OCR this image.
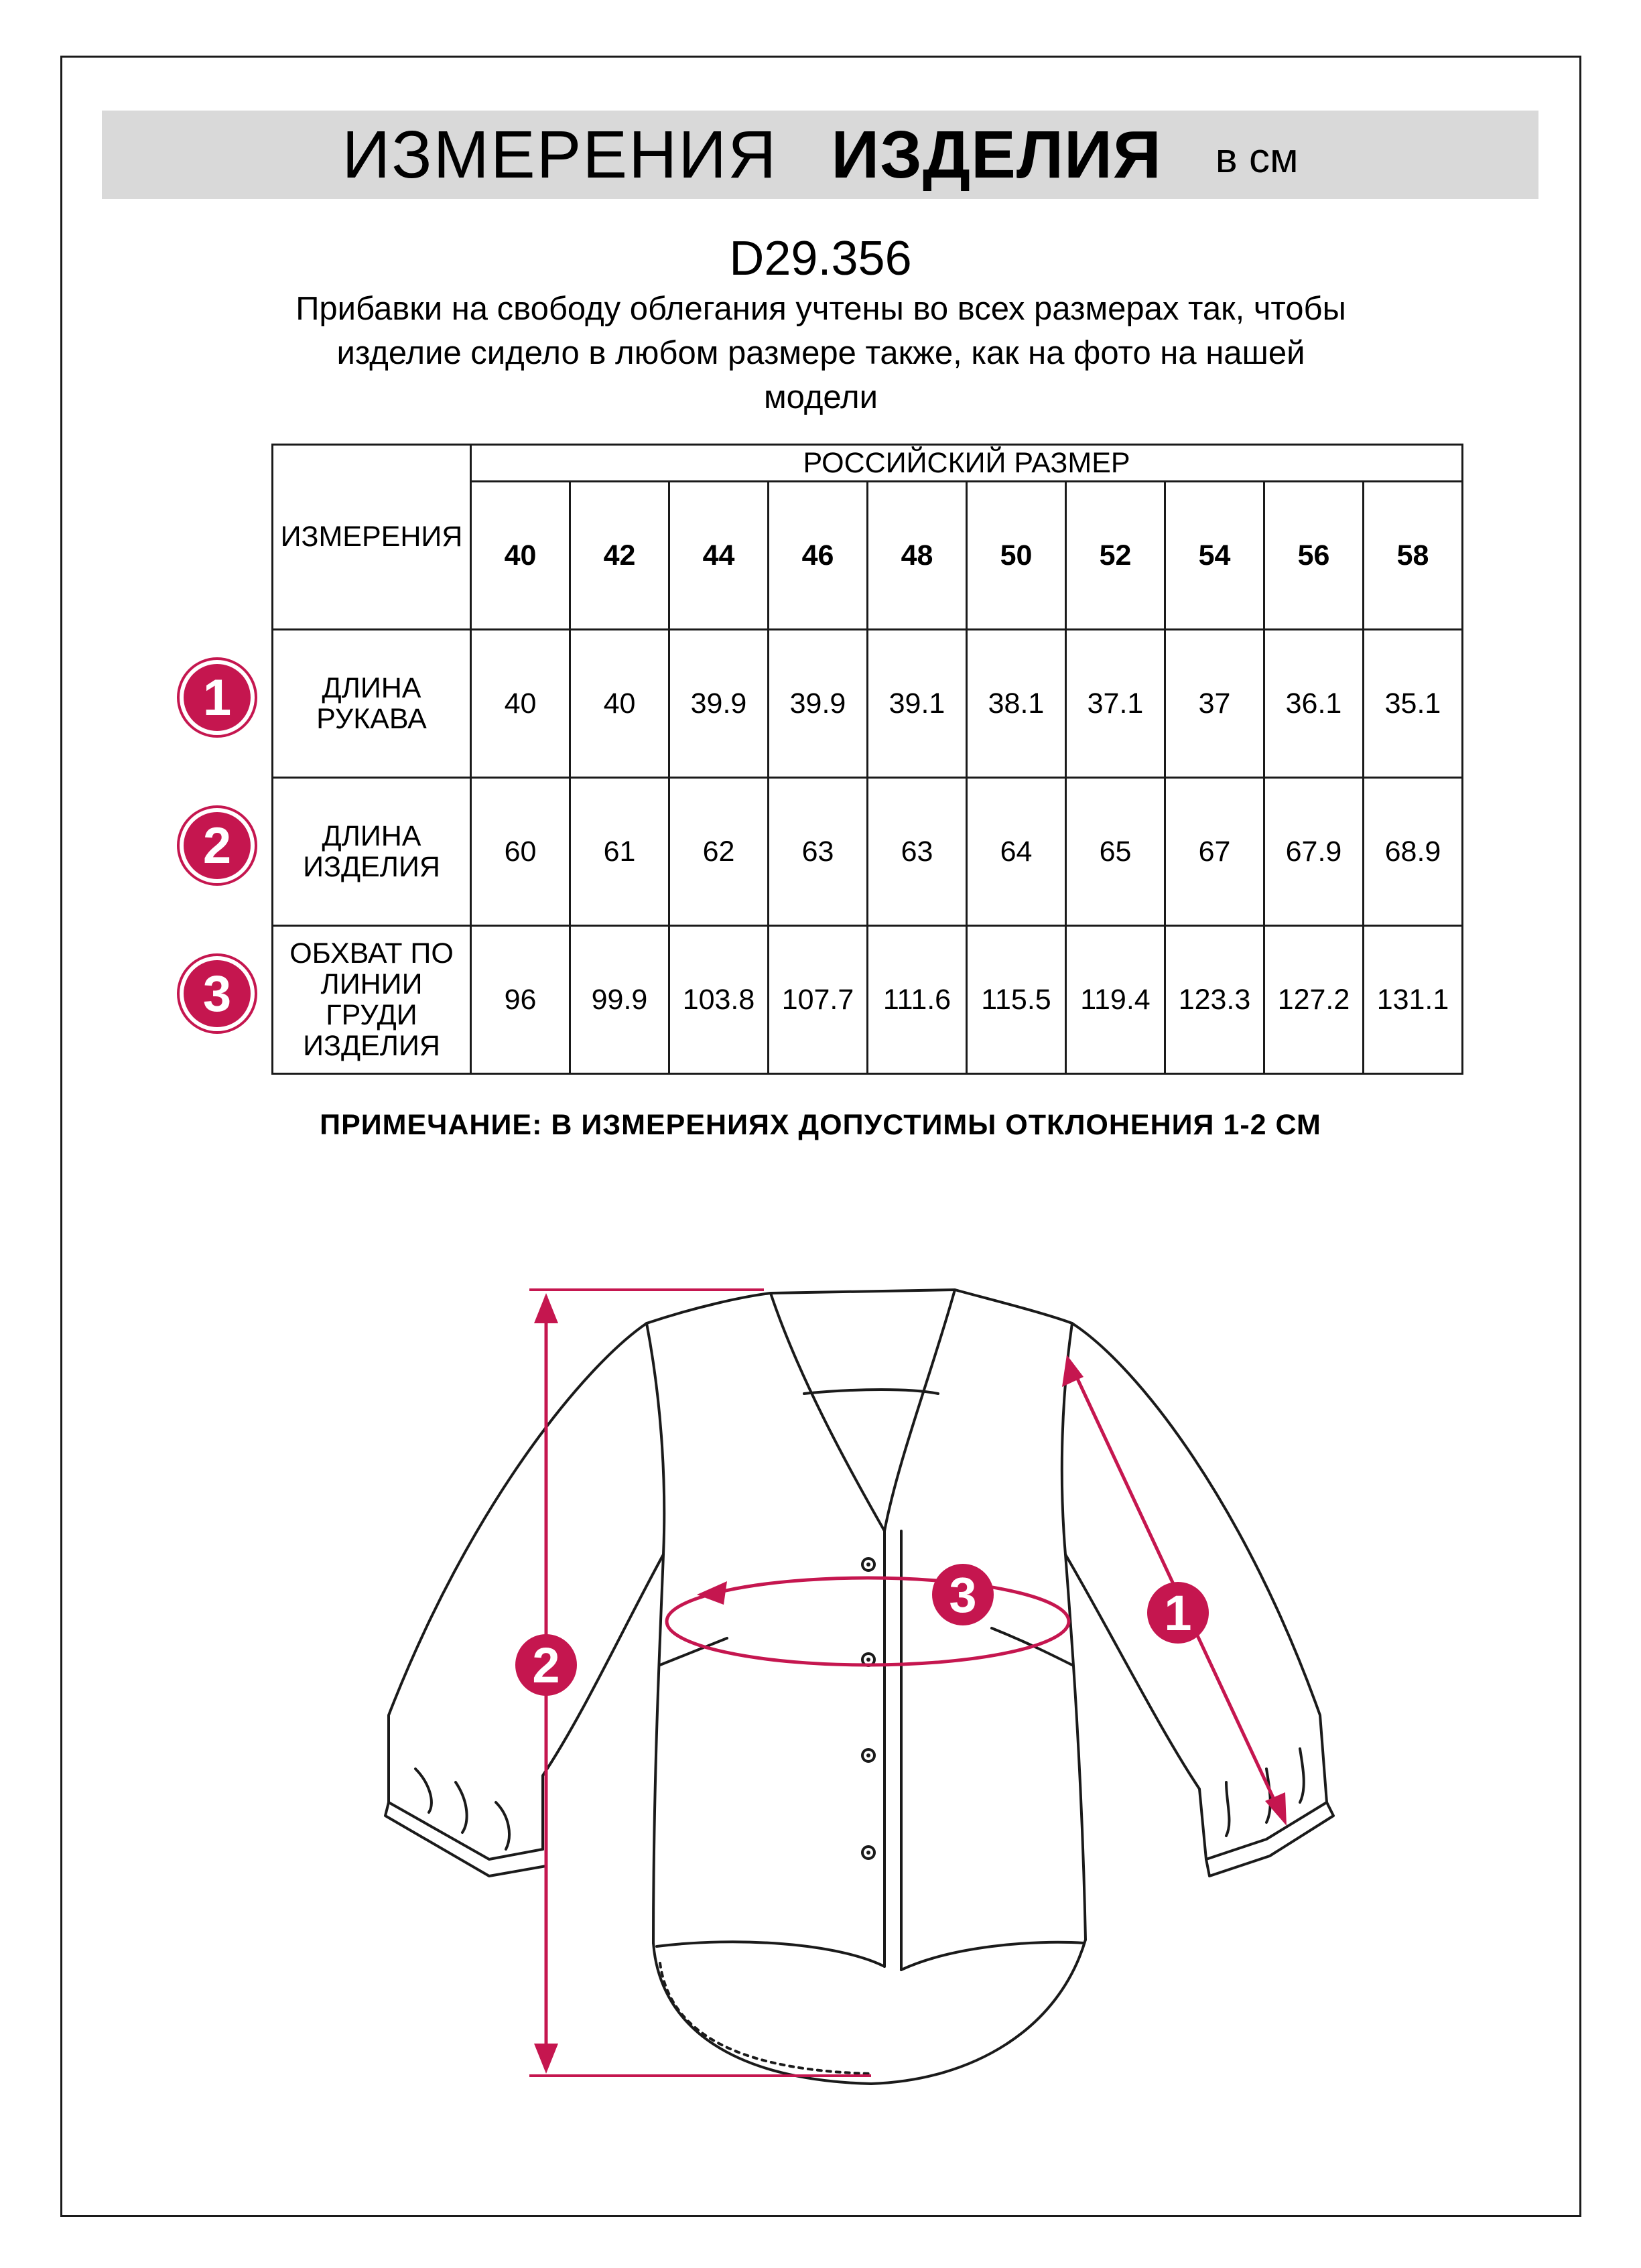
ИЗМЕРЕНИЯ ИЗДЕЛИЯ в см
D29.356
Прибавки на свободу облегания учтены во всех размерах так, чтобы
изделие сидело в любом размере также, как на фото на нашей
модели
ИЗМЕРЕНИЯ	РОССИЙСКИЙ РАЗМЕР									
	40	42	44	46	48	50	52	54	56	58

ДЛИНА
РУКАВА	40	40	39.9	39.9	39.1	38.1	37.1	37	36.1	35.1

ДЛИНА
ИЗДЕЛИЯ	60	61	62	63	63	64	65	67	67.9	68.9

ОБХВАТ ПО
ЛИНИИ
ГРУДИ
ИЗДЕЛИЯ	96	99.9	103.8	107.7	111.6	115.5	119.4	123.3	127.2	131.1
1
2
3
ПРИМЕЧАНИЕ: В ИЗМЕРЕНИЯХ ДОПУСТИМЫ ОТКЛОНЕНИЯ 1-2 СМ
2
3	1
